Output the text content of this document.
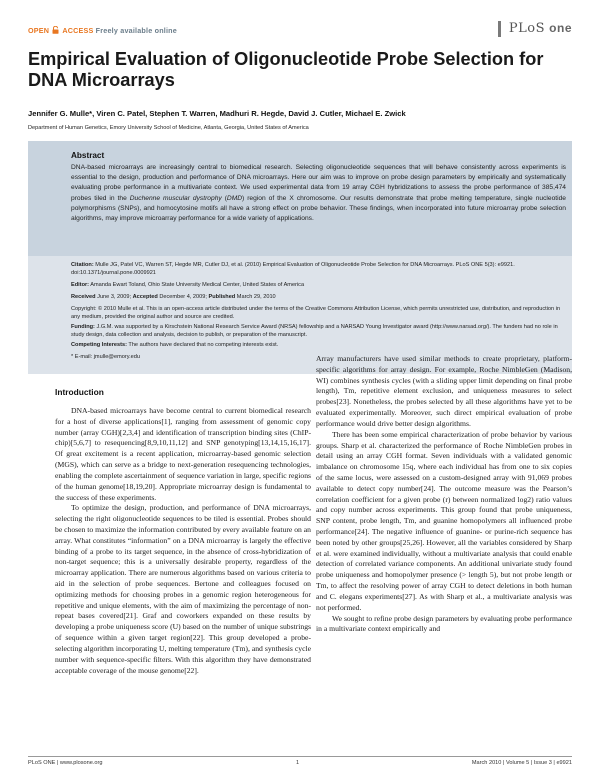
OPEN ACCESS Freely available online	PLoS one
Empirical Evaluation of Oligonucleotide Probe Selection for DNA Microarrays
Jennifer G. Mulle*, Viren C. Patel, Stephen T. Warren, Madhuri R. Hegde, David J. Cutler, Michael E. Zwick
Department of Human Genetics, Emory University School of Medicine, Atlanta, Georgia, United States of America
Abstract
DNA-based microarrays are increasingly central to biomedical research. Selecting oligonucleotide sequences that will behave consistently across experiments is essential to the design, production and performance of DNA microarrays. Here our aim was to improve on probe design parameters by empirically and systematically evaluating probe performance in a multivariate context. We used experimental data from 19 array CGH hybridizations to assess the probe performance of 385,474 probes tiled in the Duchenne muscular dystrophy (DMD) region of the X chromosome. Our results demonstrate that probe melting temperature, single nucleotide polymorphisms (SNPs), and homocytosine motifs all have a strong effect on probe behavior. These findings, when incorporated into future microarray probe selection algorithms, may improve microarray performance for a wide variety of applications.
Citation: Mulle JG, Patel VC, Warren ST, Hegde MR, Cutler DJ, et al. (2010) Empirical Evaluation of Oligonucleotide Probe Selection for DNA Microarrays. PLoS ONE 5(3): e9921. doi:10.1371/journal.pone.0009921
Editor: Amanda Ewart Toland, Ohio State University Medical Center, United States of America
Received June 3, 2009; Accepted December 4, 2009; Published March 29, 2010
Copyright: © 2010 Mulle et al. This is an open-access article distributed under the terms of the Creative Commons Attribution License, which permits unrestricted use, distribution, and reproduction in any medium, provided the original author and source are credited.
Funding: J.G.M. was supported by a Kirschstein National Research Service Award (NRSA) fellowship and a NARSAD Young Investigator award (http://www.narsad.org/). The funders had no role in study design, data collection and analysis, decision to publish, or preparation of the manuscript.
Competing Interests: The authors have declared that no competing interests exist.
* E-mail: jmulle@emory.edu
Introduction

DNA-based microarrays have become central to current biomedical research for a host of diverse applications[1], ranging from assessment of genomic copy number (array CGH)[2,3,4] and identification of transcription binding sites (ChIP-chip)[5,6,7] to resequencing[8,9,10,11,12] and SNP genotyping[13,14,15,16,17]. Of great excitement is a recent application, microarray-based genomic selection (MGS), which can serve as a bridge to next-generation resequencing technologies, enabling the complete ascertainment of sequence variation in large, specific regions of the human genome[18,19,20]. Appropriate microarray design is fundamental to the success of these experiments.

To optimize the design, production, and performance of DNA microarrays, selecting the right oligonucleotide sequences to be tiled is essential. Probes should be chosen to maximize the information contributed by every available feature on an array. What constitutes “information” on a DNA microarray is largely the effective binding of a probe to its target sequence, in the absence of cross-hybridization of non-target sequence; this is a universally desirable property, regardless of the microarray application. There are numerous algorithms based on various criteria to aid in the selection of probe sequences. Bertone and colleagues focused on optimizing methods for choosing probes in a genomic region heterogeneous for repetitive and unique elements, with the aim of maximizing the percentage of non-repeat bases covered[21]. Graf and coworkers expanded on these results by developing a probe uniqueness score (U) based on the number of unique substrings of sequence within a given target region[22]. This group developed a probe-selecting algorithm incorporating U, melting temperature (Tm), and synthesis cycle number with sequence-specific filters. With this algorithm they have demonstrated acceptable coverage of the mouse genome[22].

Array manufacturers have used similar methods to create proprietary, platform-specific algorithms for array design. For example, Roche NimbleGen (Madison, WI) combines synthesis cycles (with a sliding upper limit depending on final probe length), Tm, repetitive element exclusion, and uniqueness measures to select probes[23]. Nonetheless, the probes selected by all these algorithms have yet to be evaluated experimentally. Moreover, such direct empirical evaluation of probe performance would drive better design algorithms.

There has been some empirical characterization of probe behavior by various groups. Sharp et al. characterized the performance of Roche NimbleGen probes in detail using an array CGH format. Seven individuals with a validated genomic imbalance on chromosome 15q, where each individual has from one to six copies of the same locus, were assessed on a custom-designed array with 91,069 probes available to detect copy number[24]. The outcome measure was the Pearson’s correlation coefficient for a given probe (r) between normalized log2) ratio values and copy number across experiments. This group found that probe uniqueness, SNP content, probe length, Tm, and guanine homopolymers all influenced probe performance[24]. The negative influence of guanine- or purine-rich sequence has been noted by other groups[25,26]. However, all the variables considered by Sharp et al. were examined individually, without a multivariate analysis that could enable detection of correlated variance components. An additional univariate study found probe uniqueness and homopolymer presence (> length 5), but not probe length or Tm, to affect the resolving power of array CGH to detect deletions in both human and C. elegans experiments[27]. As with Sharp et al., a multivariate analysis was not performed.

We sought to refine probe design parameters by evaluating probe performance in a multivariate context empirically and

PLoS ONE | www.plosone.org	1	March 2010 | Volume 5 | Issue 3 | e9921
